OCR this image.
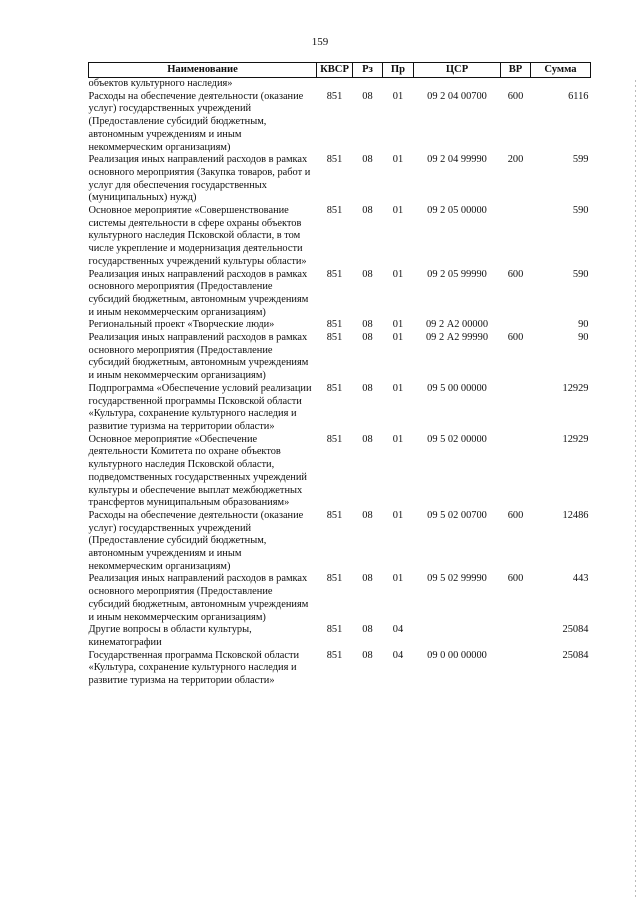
159
Наименование	КВСР	Рз	Пр	ЦСР	ВР	Сумма
объектов культурного наследия»						
Расходы на обеспечение деятельности (оказание услуг) государственных учреждений (Предоставление субсидий бюджетным, автономным учреждениям и иным некоммерческим организациям)	851	08	01	09 2 04 00700	600	6116
Реализация иных направлений расходов в рамках основного мероприятия (Закупка товаров, работ и услуг для обеспечения государственных (муниципальных) нужд)	851	08	01	09 2 04 99990	200	599
Основное мероприятие «Совершенствование системы деятельности в сфере охраны объектов культурного наследия Псковской области, в том числе укрепление и модернизация деятельности государственных учреждений культуры области»	851	08	01	09 2 05 00000		590
Реализация иных направлений расходов в рамках основного мероприятия (Предоставление субсидий бюджетным, автономным учреждениям и иным некоммерческим организациям)	851	08	01	09 2 05 99990	600	590
Региональный проект «Творческие люди»	851	08	01	09 2 А2 00000		90
Реализация иных направлений расходов в рамках основного мероприятия (Предоставление субсидий бюджетным, автономным учреждениям и иным некоммерческим организациям)	851	08	01	09 2 А2 99990	600	90
Подпрограмма «Обеспечение условий реализации государственной программы Псковской области «Культура, сохранение культурного наследия и развитие туризма на территории области»	851	08	01	09 5 00 00000		12929
Основное мероприятие «Обеспечение деятельности Комитета по охране объектов культурного наследия Псковской области, подведомственных государственных учреждений культуры и обеспечение выплат межбюджетных трансфертов муниципальным образованиям»	851	08	01	09 5 02 00000		12929
Расходы на обеспечение деятельности (оказание услуг) государственных учреждений (Предоставление субсидий бюджетным, автономным учреждениям и иным некоммерческим организациям)	851	08	01	09 5 02 00700	600	12486
Реализация иных направлений расходов в рамках основного мероприятия (Предоставление субсидий бюджетным, автономным учреждениям и иным некоммерческим организациям)	851	08	01	09 5 02 99990	600	443
Другие вопросы в области культуры, кинематографии	851	08	04			25084
Государственная программа Псковской области «Культура, сохранение культурного наследия и развитие туризма на территории области»	851	08	04	09 0 00 00000		25084
